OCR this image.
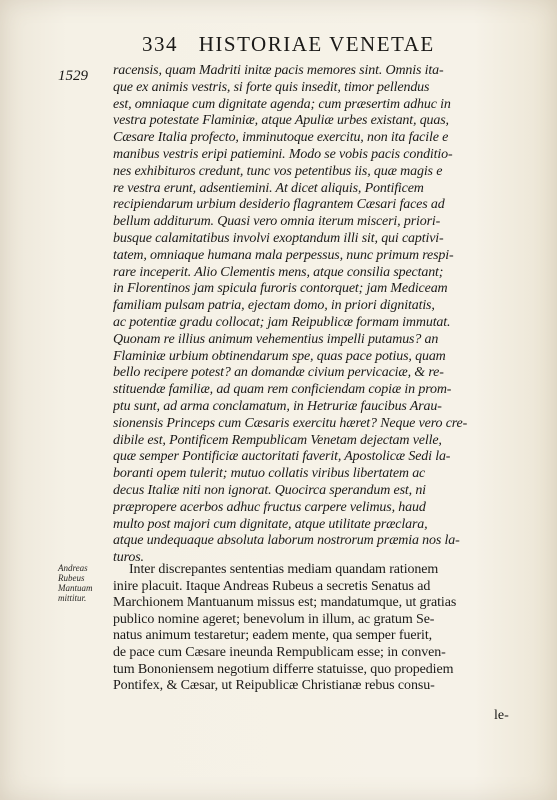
334 HISTORIAE VENETAE
1529 racensis, quam Madriti initæ pacis memores sint. Omnis ita-
que ex animis vestris, si forte quis insedit, timor pellendus
est, omniaque cum dignitate agenda; cum præsertim adhuc in
vestra potestate Flaminiæ, atque Apuliæ urbes existant, quas,
Cæsare Italia profecto, imminutoque exercitu, non ita facile e
manibus vestris eripi patiemini. Modo se vobis pacis conditio-
nes exhibituros credunt, tunc vos petentibus iis, quæ magis e
re vestra erunt, adsentiemini. At dicet aliquis, Pontificem
recipiendarum urbium desiderio flagrantem Cæsari faces ad
bellum additurum. Quasi vero omnia iterum misceri, priori-
busque calamitatibus involvi exoptandum illi sit, qui captivi-
tatem, omniaque humana mala perpessus, nunc primum respi-
rare inceperit. Alio Clementis mens, atque consilia spectant;
in Florentinos jam spicula furoris contorquet; jam Mediceam
familiam pulsam patria, ejectam domo, in priori dignitatis,
ac potentiæ gradu collocat; jam Reipublicæ formam immutat.
Quonam re illius animum vehementius impelli putamus? an
Flaminiæ urbium obtinendarum spe, quas pace potius, quam
bello recipere potest? an domandæ civium pervicaciæ, & re-
stituendæ familiæ, ad quam rem conficiendam copiæ in prom-
ptu sunt, ad arma conclamatum, in Hetruriæ faucibus Arau-
sionensis Princeps cum Cæsaris exercitu hæret? Neque vero cre-
dibile est, Pontificem Rempublicam Venetam dejectam velle,
quæ semper Pontificiæ auctoritati faverit, Apostolicæ Sedi la-
boranti opem tulerit; mutuo collatis viribus libertatem ac
decus Italiæ niti non ignorat. Quocirca sperandum est, ni
præpropere acerbos adhuc fructus carpere velimus, haud
multo post majori cum dignitate, atque utilitate præclara,
atque undequaque absoluta laborum nostrorum præmia nos la-
turos.
Andreas
Rubeus
Mantuam
mittitur.
Inter discrepantes sententias mediam quandam rationem
inire placuit. Itaque Andreas Rubeus a secretis Senatus ad
Marchionem Mantuanum missus est; mandatumque, ut gratias
publico nomine ageret; benevolum in illum, ac gratum Se-
natus animum testaretur; eadem mente, qua semper fuerit,
de pace cum Cæsare ineunda Rempublicam esse; in conven-
tum Bononiensem negotium differre statuisse, quo propediem
Pontifex, & Cæsar, ut Reipublicæ Christianæ rebus consu-
le-
